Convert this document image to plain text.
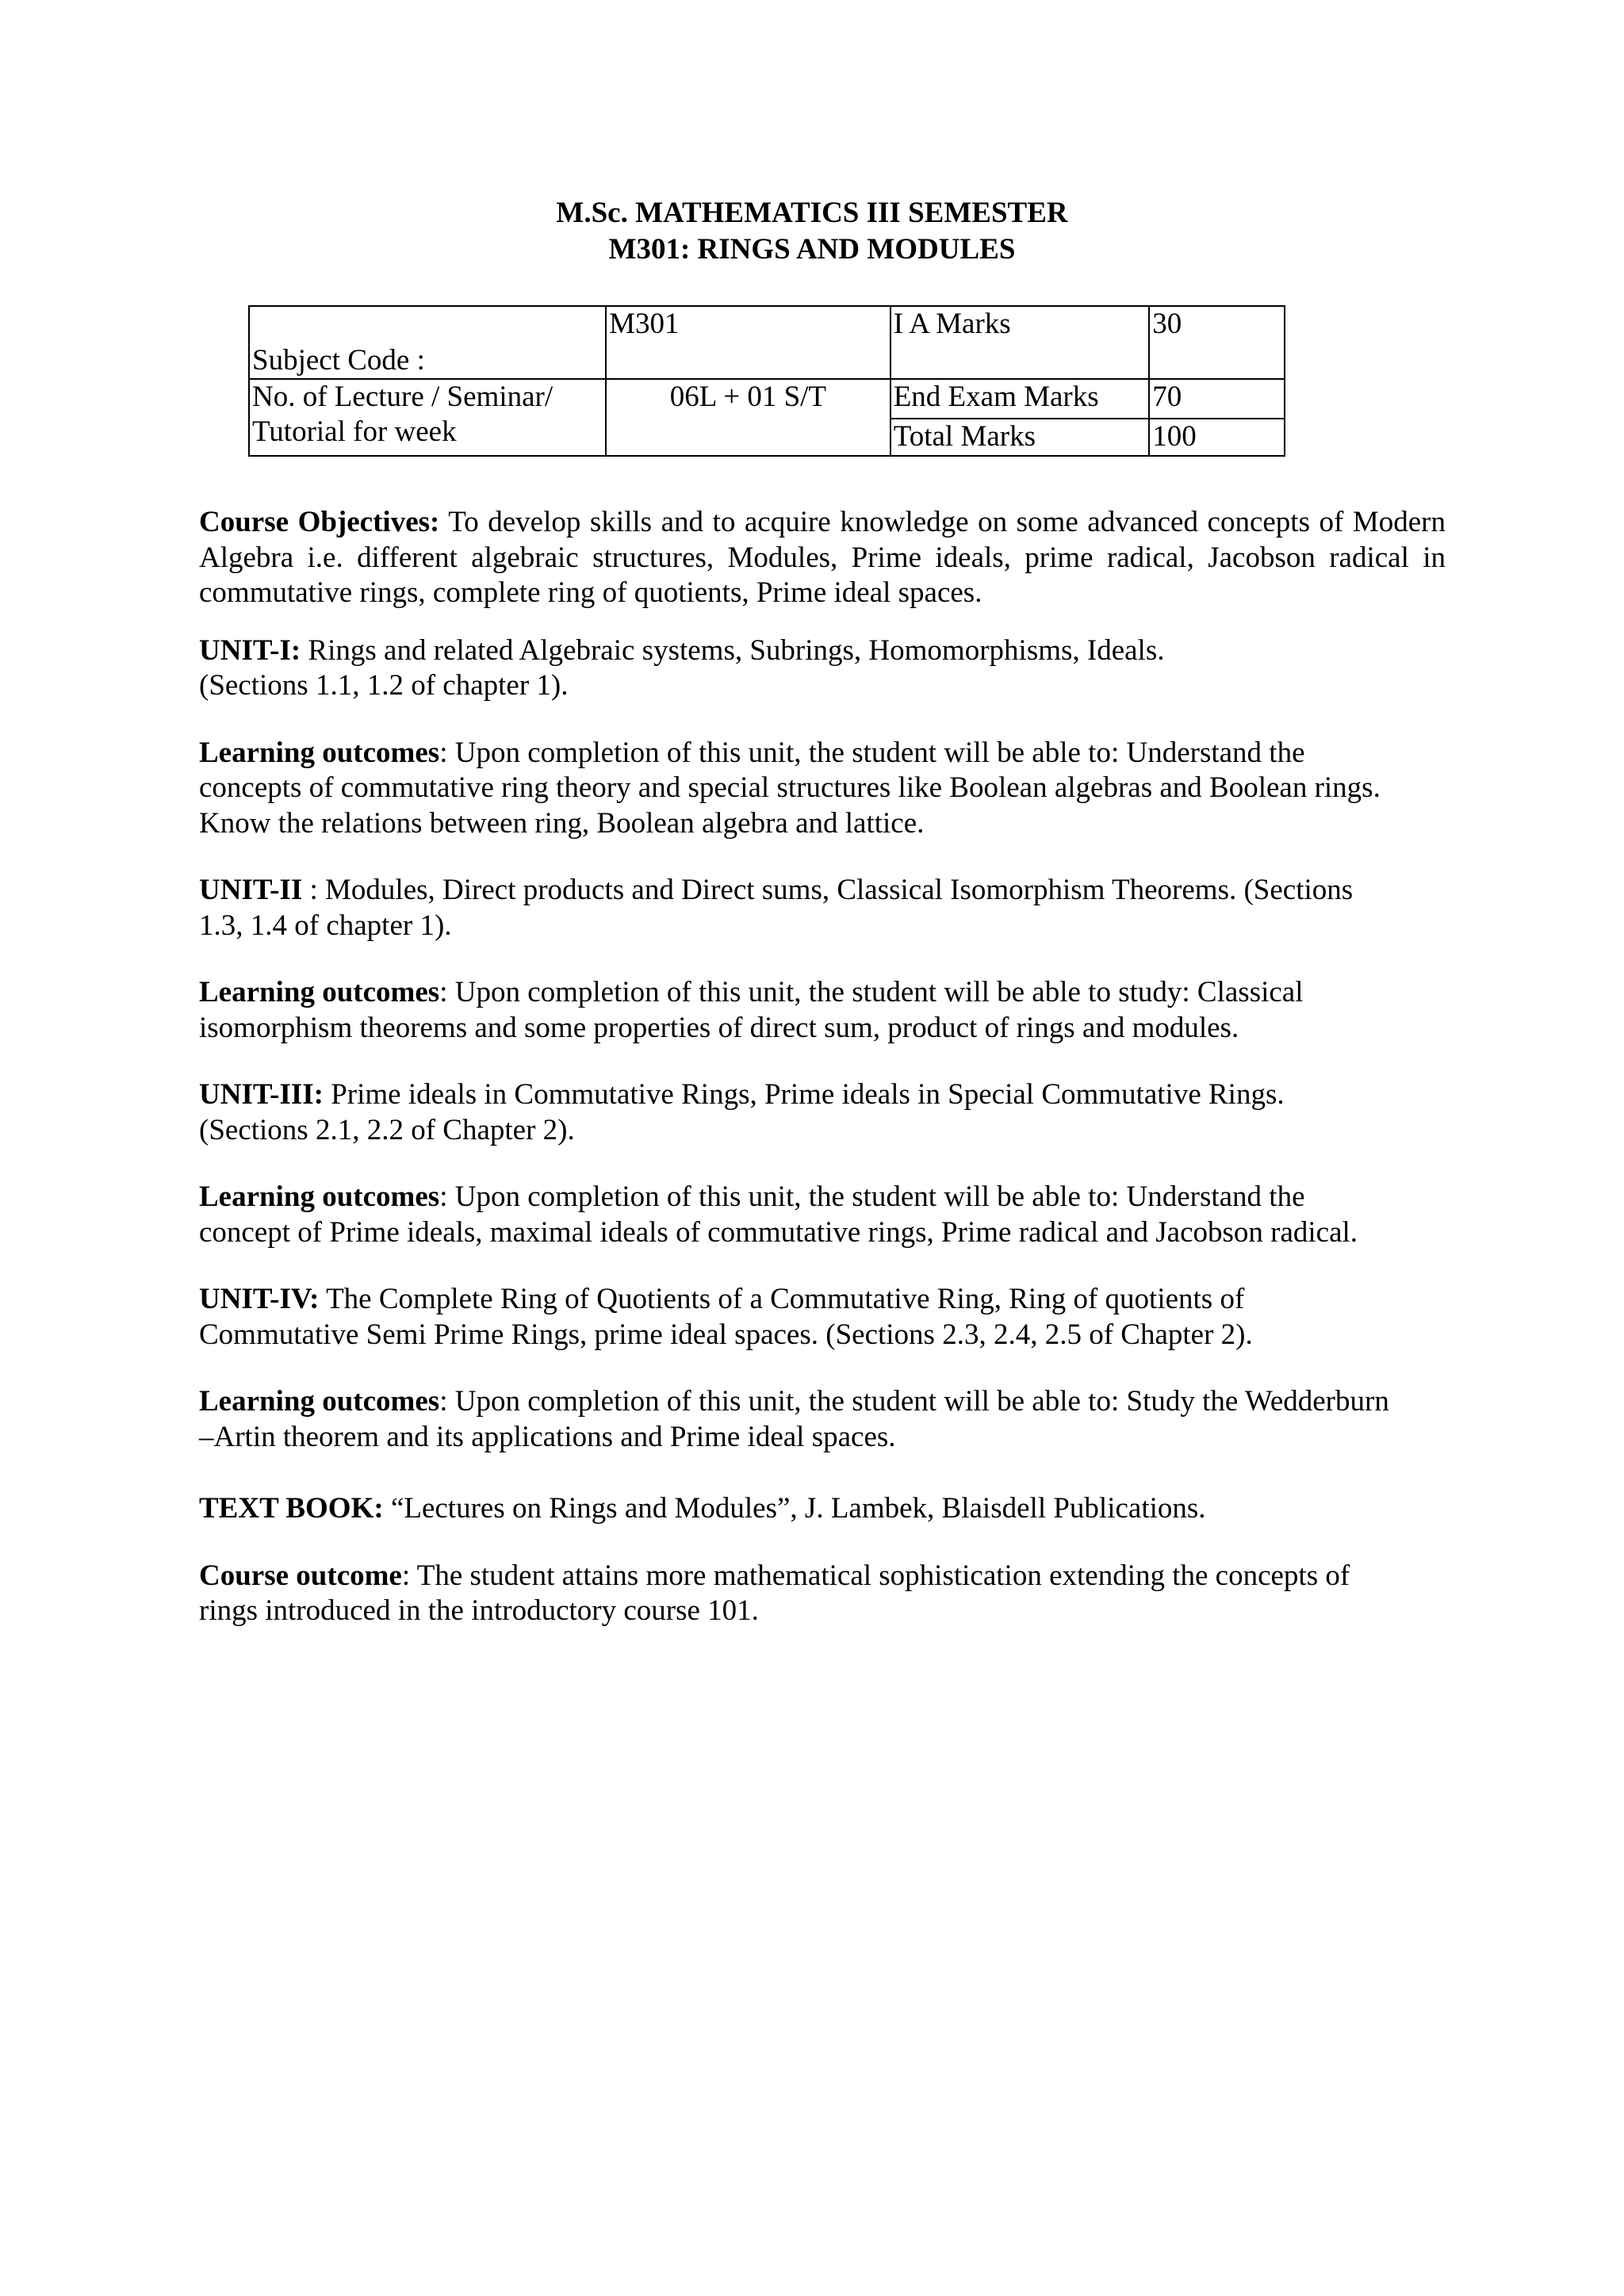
M.Sc. MATHEMATICS III SEMESTER
M301: RINGS AND MODULES
Subject Code :	M301	I A Marks	30
No. of Lecture / Seminar/
Tutorial for week	06L + 01 S/T	End Exam Marks	70
		Total Marks	100

Course Objectives: To develop skills and to acquire knowledge on some advanced concepts of Modern Algebra i.e. different algebraic structures, Modules, Prime ideals, prime radical, Jacobson radical in commutative rings, complete ring of quotients, Prime ideal spaces.

UNIT-I: Rings and related Algebraic systems, Subrings, Homomorphisms, Ideals.
(Sections 1.1, 1.2 of chapter 1).

Learning outcomes: Upon completion of this unit, the student will be able to: Understand the
concepts of commutative ring theory and special structures like Boolean algebras and Boolean rings.
Know the relations between ring, Boolean algebra and lattice.

UNIT-II : Modules, Direct products and Direct sums, Classical Isomorphism Theorems. (Sections
1.3, 1.4 of chapter 1).

Learning outcomes: Upon completion of this unit, the student will be able to study: Classical
isomorphism theorems and some properties of direct sum, product of rings and modules.

UNIT-III: Prime ideals in Commutative Rings, Prime ideals in Special Commutative Rings.
(Sections 2.1, 2.2 of Chapter 2).

Learning outcomes: Upon completion of this unit, the student will be able to: Understand the
concept of Prime ideals, maximal ideals of commutative rings, Prime radical and Jacobson radical.

UNIT-IV: The Complete Ring of Quotients of a Commutative Ring, Ring of quotients of
Commutative Semi Prime Rings, prime ideal spaces. (Sections 2.3, 2.4, 2.5 of Chapter 2).

Learning outcomes: Upon completion of this unit, the student will be able to: Study the Wedderburn
–Artin theorem and its applications and Prime ideal spaces.

TEXT BOOK: “Lectures on Rings and Modules”, J. Lambek, Blaisdell Publications.

Course outcome: The student attains more mathematical sophistication extending the concepts of
rings introduced in the introductory course 101.
